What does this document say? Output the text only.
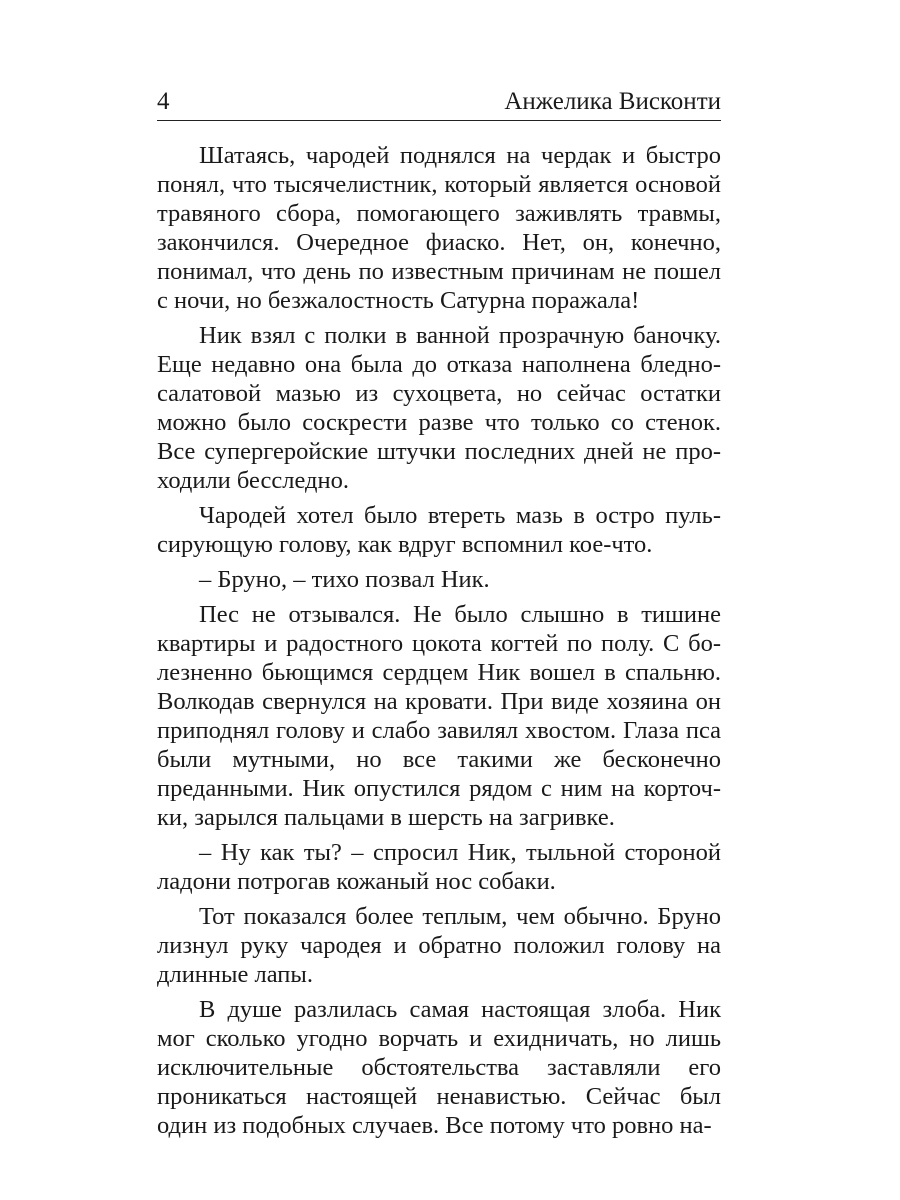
4	Анжелика Висконти

Шатаясь, чародей поднялся на чердак и быстро понял, что тысячелистник, который является основой травяного сбора, помогающего заживлять травмы, закончился. Очередное фиаско. Нет, он, конечно, понимал, что день по известным причинам не пошел с ночи, но безжалостность Сатурна поражала!

Ник взял с полки в ванной прозрачную баночку. Еще недавно она была до отказа наполнена бледносалатовой мазью из сухоцвета, но сейчас остатки можно было соскрести разве что только со стенок. Все супергеройские штучки последних дней не проходили бесследно.

Чародей хотел было втереть мазь в остро пульсирующую голову, как вдруг вспомнил кое-что.

– Бруно, – тихо позвал Ник.

Пес не отзывался. Не было слышно в тишине квартиры и радостного цокота когтей по полу. С болезненно бьющимся сердцем Ник вошел в спальню. Волкодав свернулся на кровати. При виде хозяина он приподнял голову и слабо завилял хвостом. Глаза пса были мутными, но все такими же бесконечно преданными. Ник опустился рядом с ним на корточки, зарылся пальцами в шерсть на загривке.

– Ну как ты? – спросил Ник, тыльной стороной ладони потрогав кожаный нос собаки.

Тот показался более теплым, чем обычно. Бруно лизнул руку чародея и обратно положил голову на длинные лапы.

В душе разлилась самая настоящая злоба. Ник мог сколько угодно ворчать и ехидничать, но лишь исключительные обстоятельства заставляли его проникаться настоящей ненавистью. Сейчас был один из подобных случаев. Все потому что ровно на-
